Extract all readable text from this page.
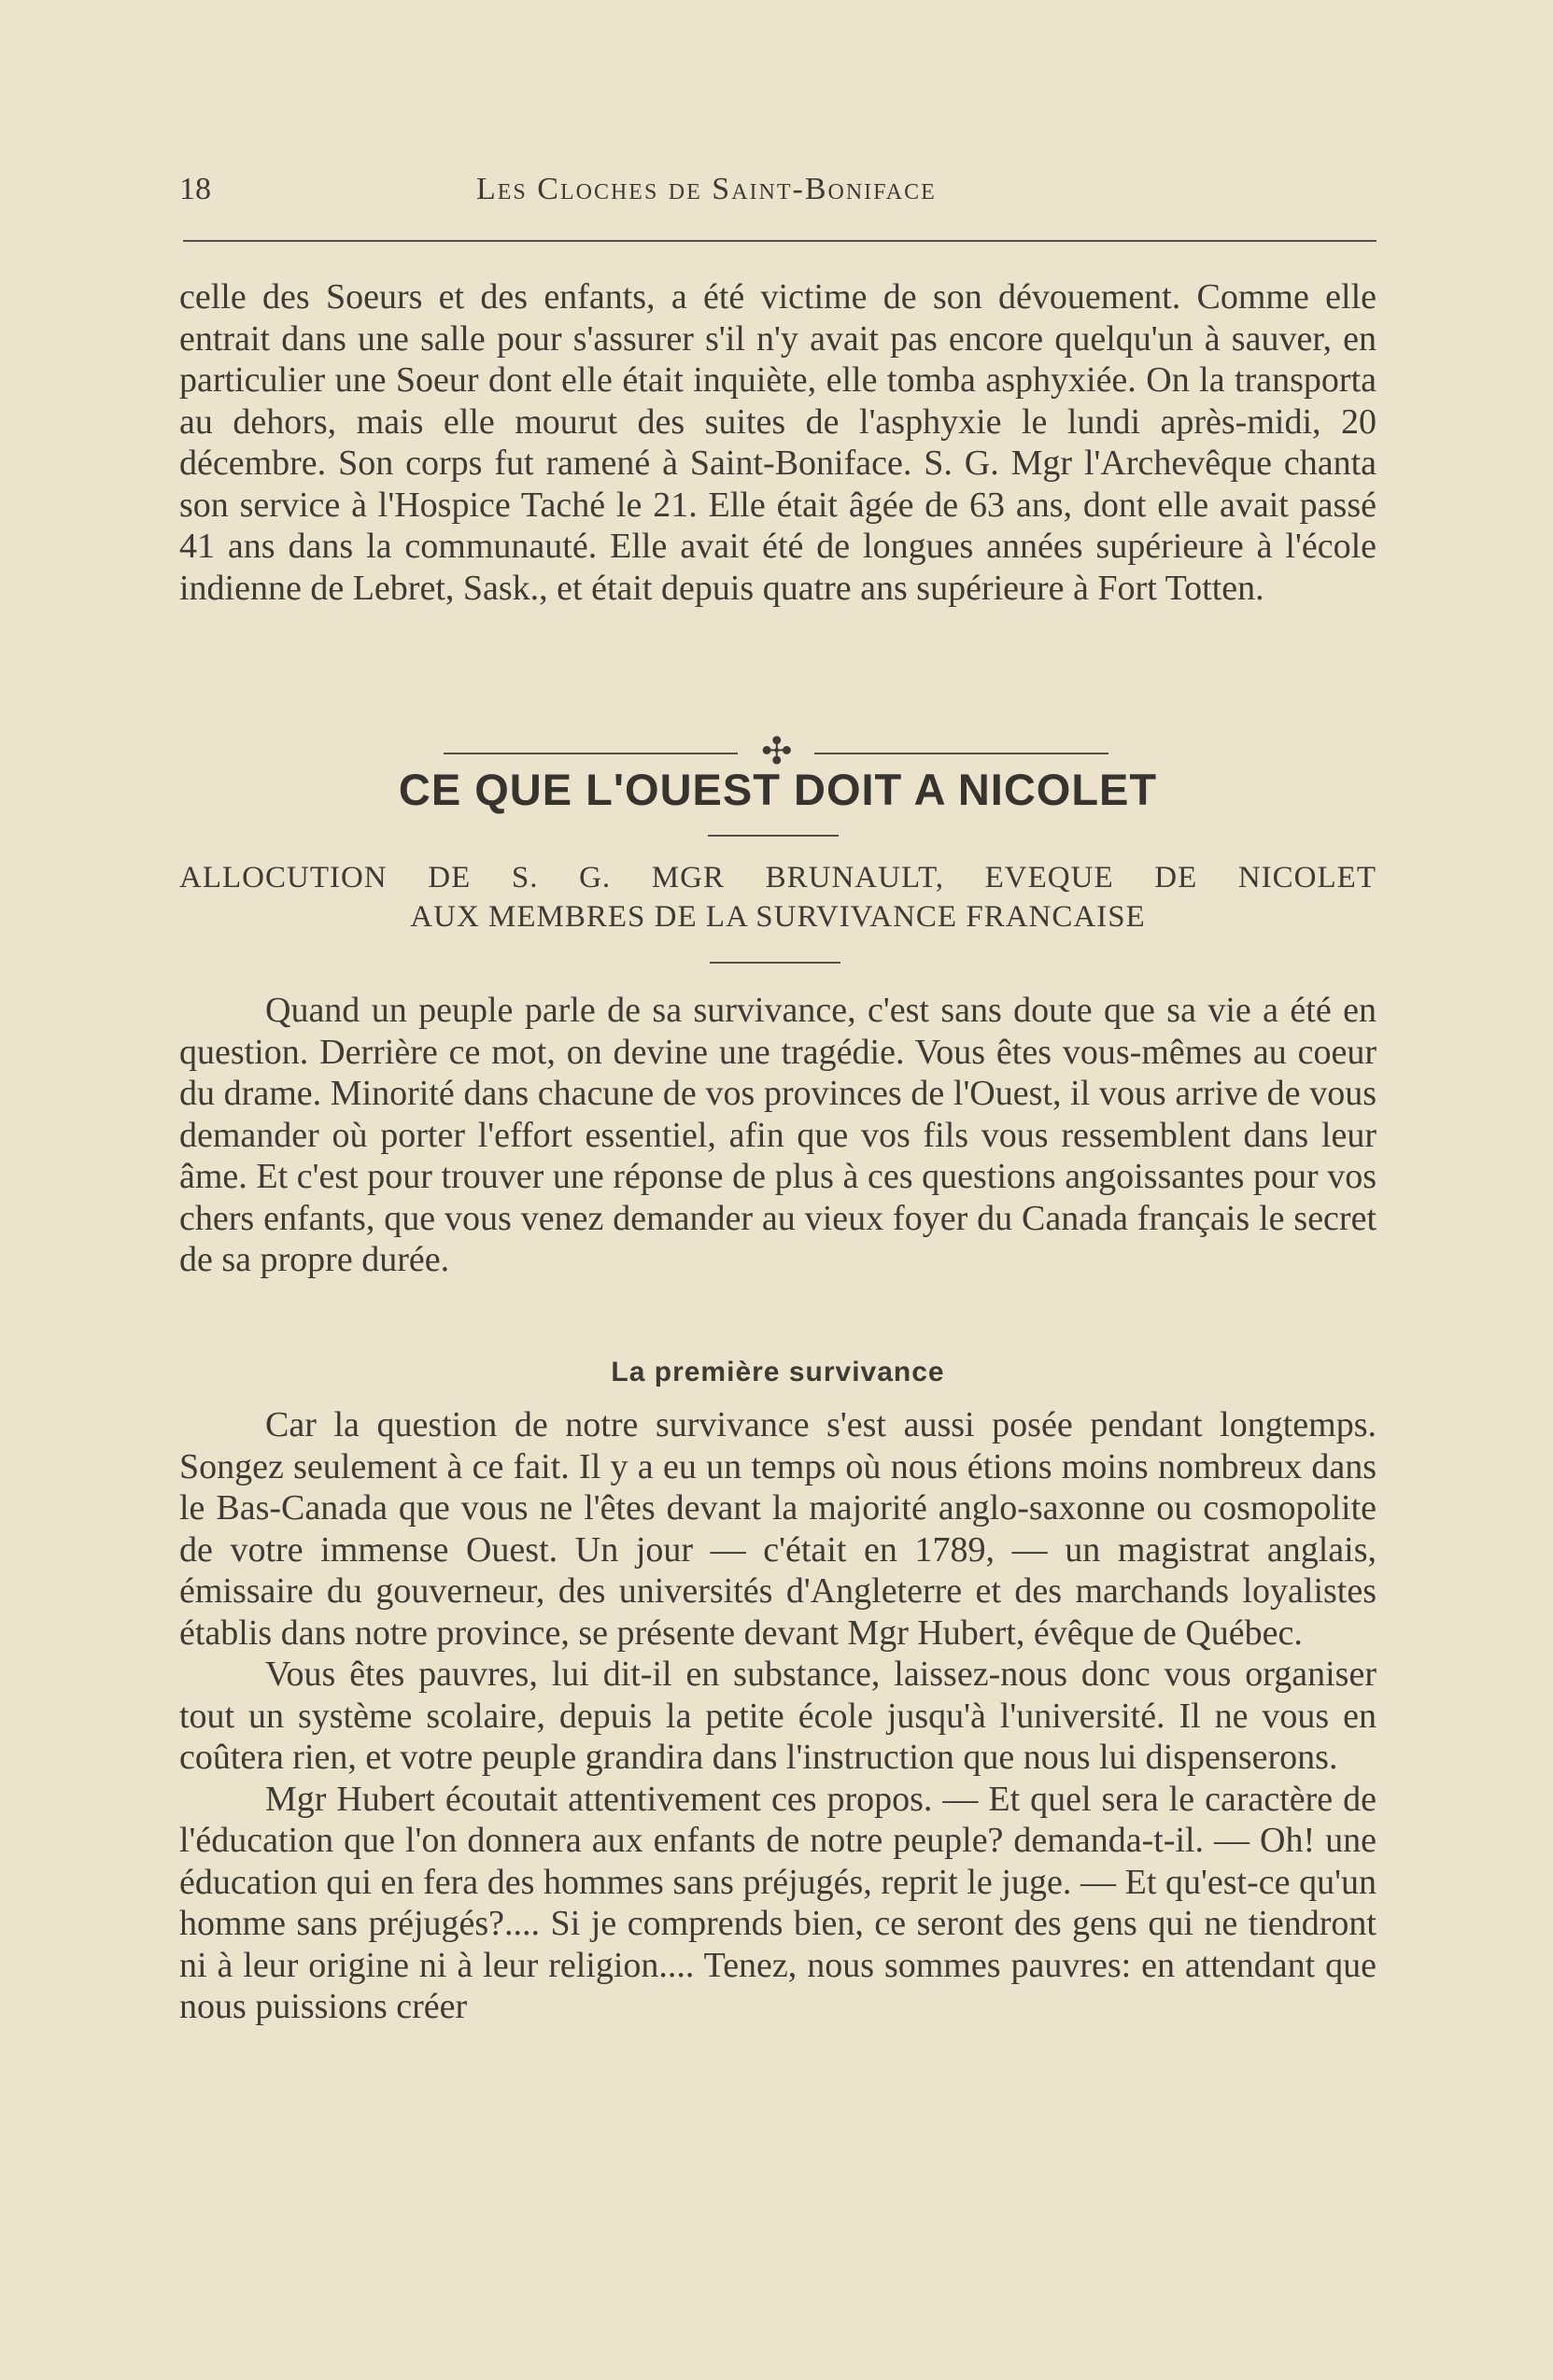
18	Les Cloches de Saint-Boniface

celle des Soeurs et des enfants, a été victime de son dévouement. Comme elle entrait dans une salle pour s'assurer s'il n'y avait pas encore quelqu'un à sauver, en particulier une Soeur dont elle était inquiète, elle tomba asphyxiée. On la transporta au dehors, mais elle mourut des suites de l'asphyxie le lundi après-midi, 20 décembre. Son corps fut ramené à Saint-Boniface. S. G. Mgr l'Archevêque chanta son service à l'Hospice Taché le 21. Elle était âgée de 63 ans, dont elle avait passé 41 ans dans la communauté. Elle avait été de longues années supérieure à l'école indienne de Lebret, Sask., et était depuis quatre ans supérieure à Fort Totten.

✣
CE QUE L'OUEST DOIT A NICOLET

ALLOCUTION DE S. G. MGR BRUNAULT, EVEQUE DE NICOLET

AUX MEMBRES DE LA SURVIVANCE FRANCAISE

Quand un peuple parle de sa survivance, c'est sans doute que sa vie a été en question. Derrière ce mot, on devine une tragédie. Vous êtes vous-mêmes au coeur du drame. Minorité dans chacune de vos provinces de l'Ouest, il vous arrive de vous demander où porter l'effort essentiel, afin que vos fils vous ressemblent dans leur âme. Et c'est pour trouver une réponse de plus à ces questions angoissantes pour vos chers enfants, que vous venez demander au vieux foyer du Canada français le secret de sa propre durée.

La première survivance

Car la question de notre survivance s'est aussi posée pendant longtemps. Songez seulement à ce fait. Il y a eu un temps où nous étions moins nombreux dans le Bas-Canada que vous ne l'êtes devant la majorité anglo-saxonne ou cosmopolite de votre immense Ouest. Un jour — c'était en 1789, — un magistrat anglais, émissaire du gouverneur, des universités d'Angleterre et des marchands loyalistes établis dans notre province, se présente devant Mgr Hubert, évêque de Québec.

Vous êtes pauvres, lui dit-il en substance, laissez-nous donc vous organiser tout un système scolaire, depuis la petite école jusqu'à l'université. Il ne vous en coûtera rien, et votre peuple grandira dans l'instruction que nous lui dispenserons.

Mgr Hubert écoutait attentivement ces propos. — Et quel sera le caractère de l'éducation que l'on donnera aux enfants de notre peuple? demanda-t-il. — Oh! une éducation qui en fera des hommes sans préjugés, reprit le juge. — Et qu'est-ce qu'un homme sans préjugés?.... Si je comprends bien, ce seront des gens qui ne tiendront ni à leur origine ni à leur religion.... Tenez, nous sommes pauvres: en attendant que nous puissions créer
